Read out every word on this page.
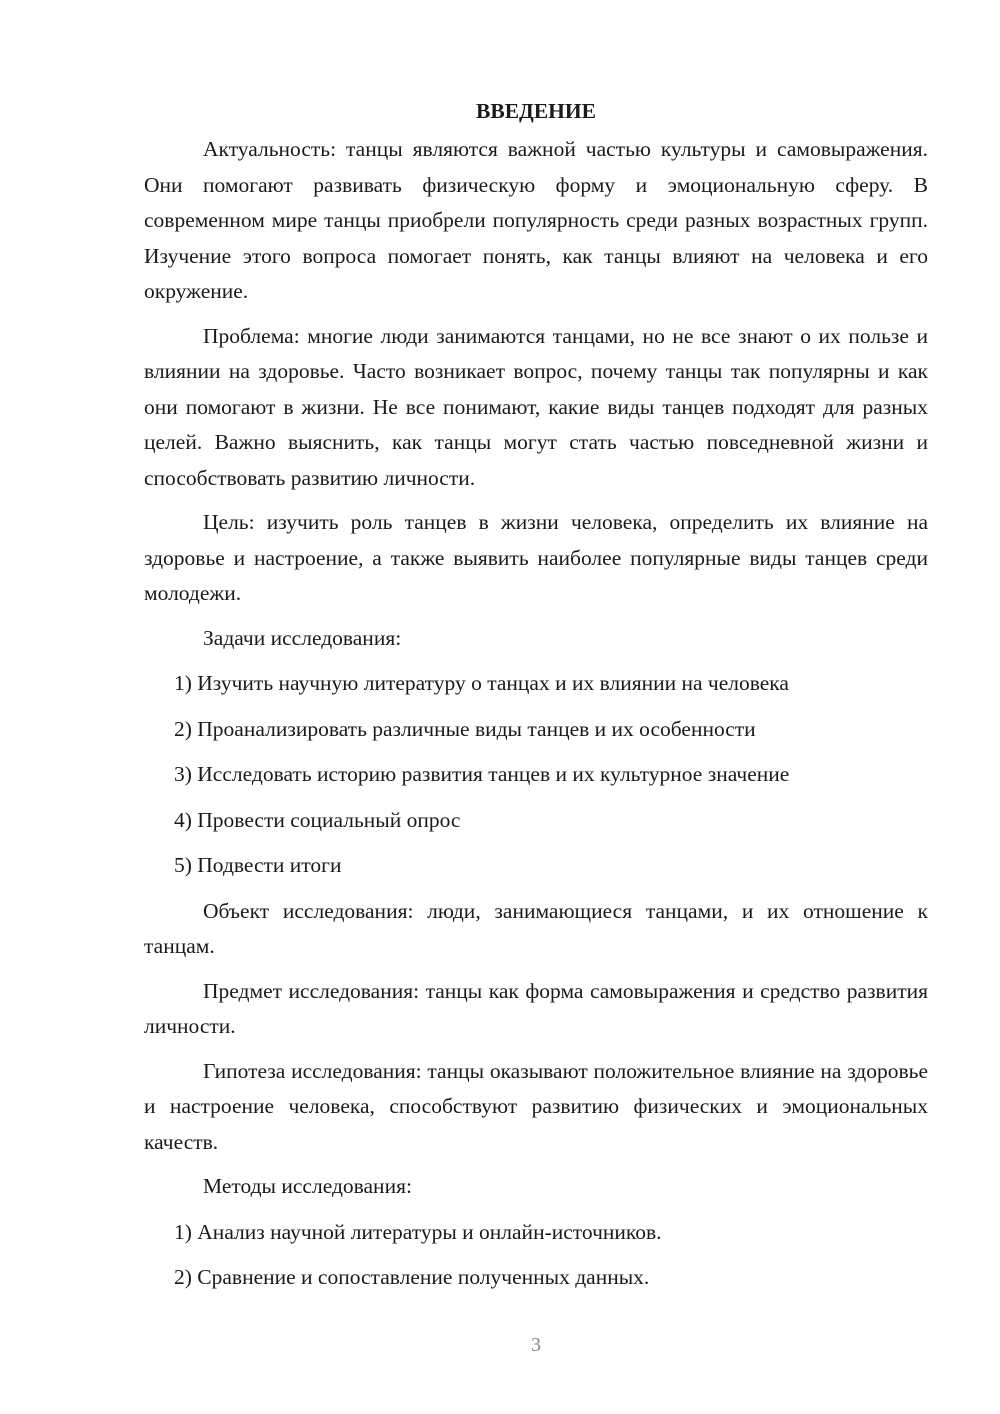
ВВЕДЕНИЕ

Актуальность: танцы являются важной частью культуры и самовыражения. Они помогают развивать физическую форму и эмоциональную сферу. В современном мире танцы приобрели популярность среди разных возрастных групп. Изучение этого вопроса помогает понять, как танцы влияют на человека и его окружение.

Проблема: многие люди занимаются танцами, но не все знают о их пользе и влиянии на здоровье. Часто возникает вопрос, почему танцы так популярны и как они помогают в жизни. Не все понимают, какие виды танцев подходят для разных целей. Важно выяснить, как танцы могут стать частью повседневной жизни и способствовать развитию личности.

Цель: изучить роль танцев в жизни человека, определить их влияние на здоровье и настроение, а также выявить наиболее популярные виды танцев среди молодежи.

Задачи исследования:

1) Изучить научную литературу о танцах и их влиянии на человека

2) Проанализировать различные виды танцев и их особенности

3) Исследовать историю развития танцев и их культурное значение

4) Провести социальный опрос

5) Подвести итоги

Объект исследования: люди, занимающиеся танцами, и их отношение к танцам.

Предмет исследования: танцы как форма самовыражения и средство развития личности.

Гипотеза исследования: танцы оказывают положительное влияние на здоровье и настроение человека, способствуют развитию физических и эмоциональных качеств.

Методы исследования:

1) Анализ научной литературы и онлайн-источников.

2) Сравнение и сопоставление полученных данных.

3
